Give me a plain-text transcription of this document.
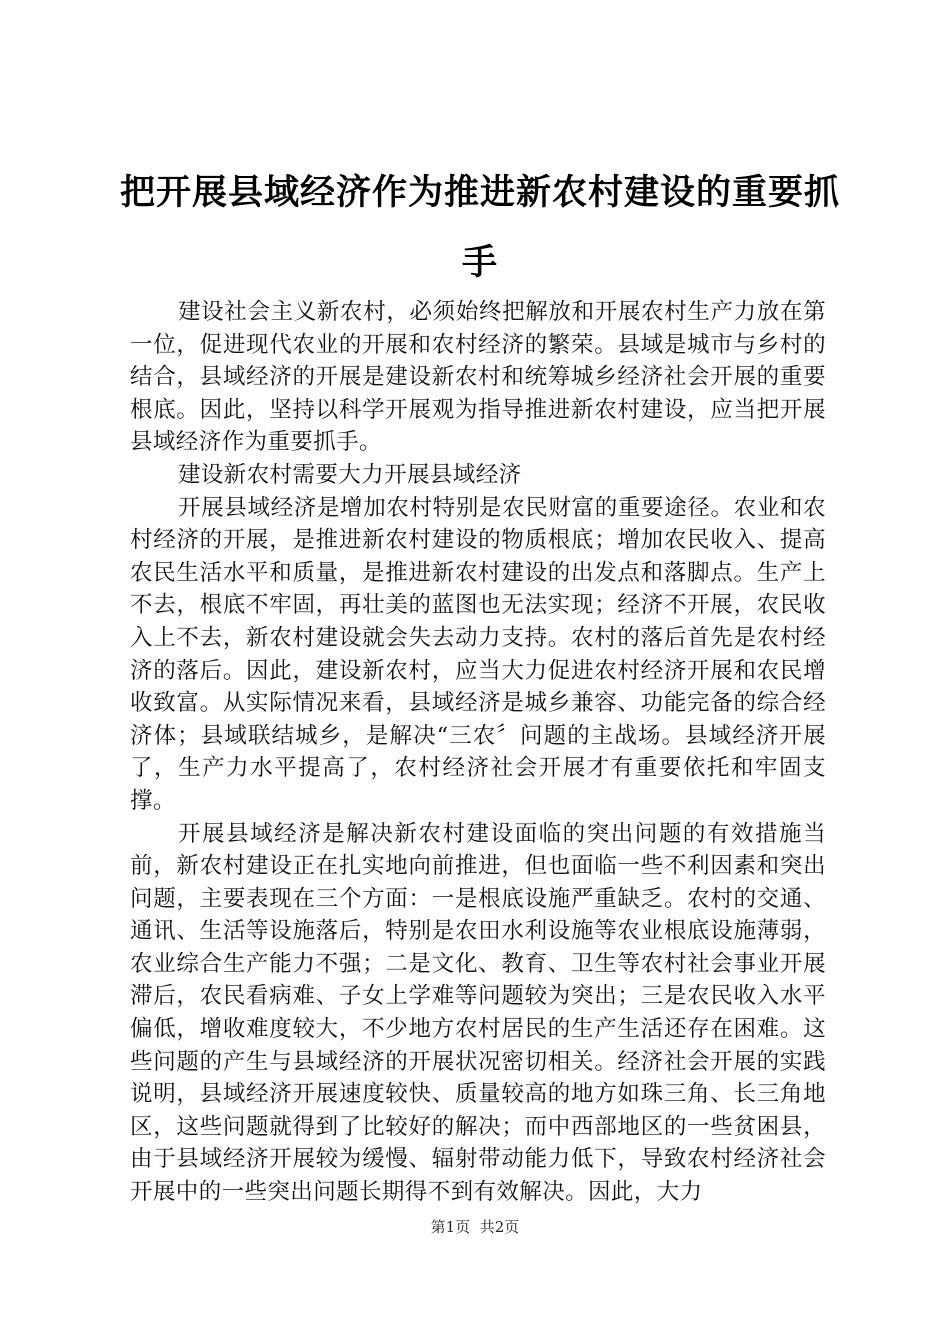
把开展县域经济作为推进新农村建设的重要抓手

建设社会主义新农村，必须始终把解放和开展农村生产力放在第一位，促进现代农业的开展和农村经济的繁荣。县域是城市与乡村的结合，县域经济的开展是建设新农村和统筹城乡经济社会开展的重要根底。因此，坚持以科学开展观为指导推进新农村建设，应当把开展县域经济作为重要抓手。

建设新农村需要大力开展县域经济

开展县域经济是增加农村特别是农民财富的重要途径。农业和农村经济的开展，是推进新农村建设的物质根底；增加农民收入、提高农民生活水平和质量，是推进新农村建设的出发点和落脚点。生产上不去，根底不牢固，再壮美的蓝图也无法实现；经济不开展，农民收入上不去，新农村建设就会失去动力支持。农村的落后首先是农村经济的落后。因此，建设新农村，应当大力促进农村经济开展和农民增收致富。从实际情况来看，县域经济是城乡兼容、功能完备的综合经济体；县域联结城乡，是解决“三农〞问题的主战场。县域经济开展了，生产力水平提高了，农村经济社会开展才有重要依托和牢固支撑。

开展县域经济是解决新农村建设面临的突出问题的有效措施当前，新农村建设正在扎实地向前推进，但也面临一些不利因素和突出问题，主要表现在三个方面：一是根底设施严重缺乏。农村的交通、通讯、生活等设施落后，特别是农田水利设施等农业根底设施薄弱，农业综合生产能力不强；二是文化、教育、卫生等农村社会事业开展滞后，农民看病难、子女上学难等问题较为突出；三是农民收入水平偏低，增收难度较大，不少地方农村居民的生产生活还存在困难。这些问题的产生与县域经济的开展状况密切相关。经济社会开展的实践说明，县域经济开展速度较快、质量较高的地方如珠三角、长三角地区，这些问题就得到了比较好的解决；而中西部地区的一些贫困县，由于县域经济开展较为缓慢、辐射带动能力低下，导致农村经济社会开展中的一些突出问题长期得不到有效解决。因此，大力

第1页 共2页
